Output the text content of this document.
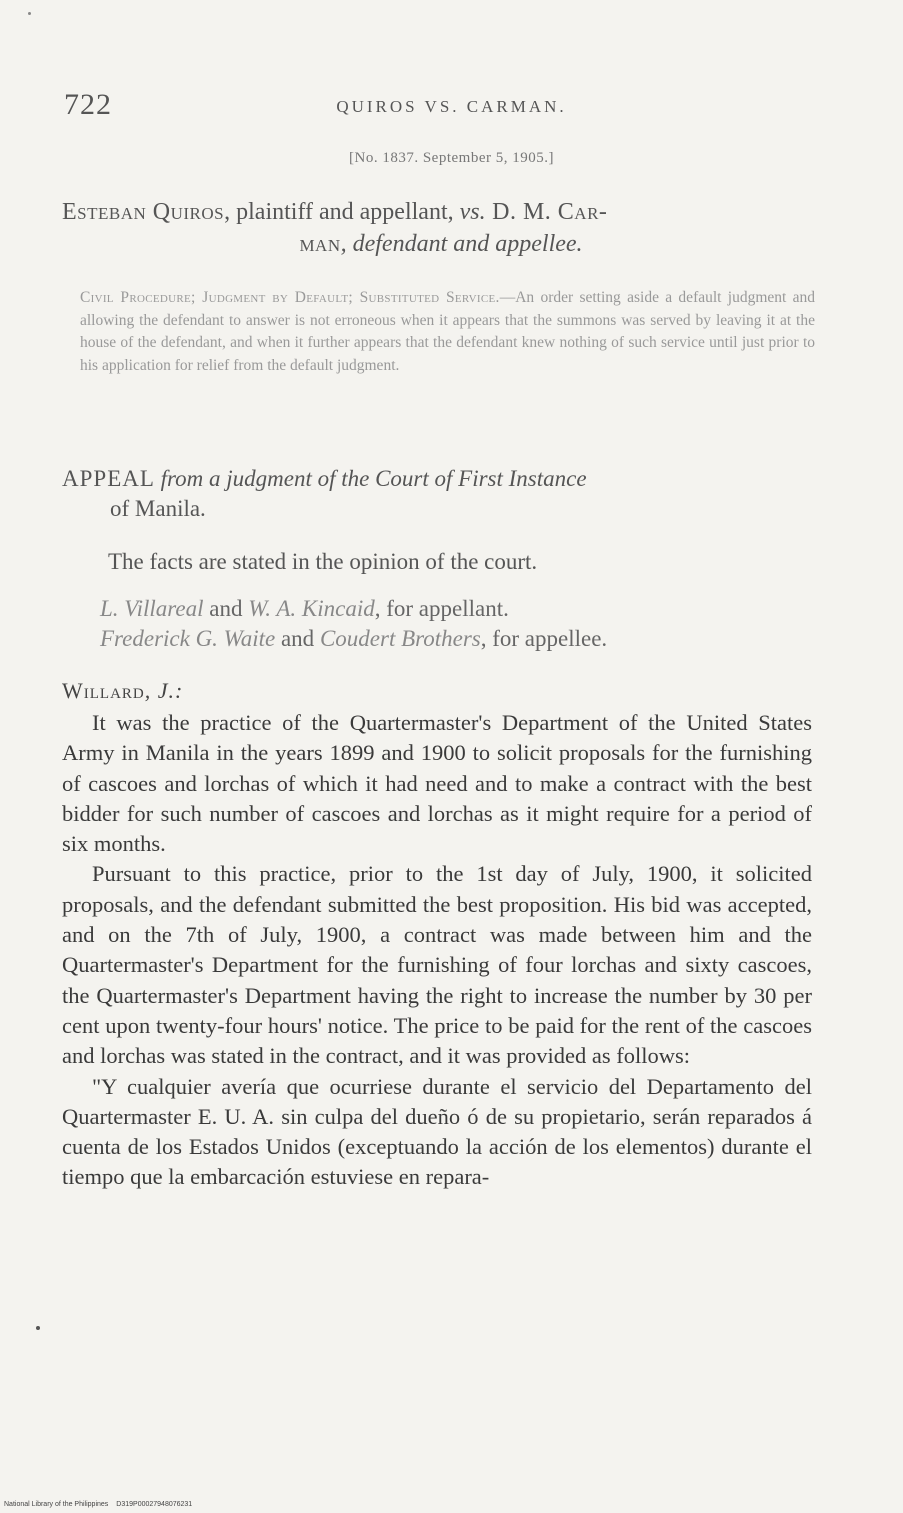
722	QUIROS VS. CARMAN.
[No. 1837. September 5, 1905.]
Esteban Quiros, plaintiff and appellant, vs. D. M. Car-
man, defendant and appellee.
Civil Procedure; Judgment by Default; Substituted Service.—An order setting aside a default judgment and allowing the defendant to answer is not erroneous when it appears that the summons was served by leaving it at the house of the defendant, and when it further appears that the defendant knew nothing of such service until just prior to his application for relief from the default judgment.
APPEAL from a judgment of the Court of First Instance
of Manila.
The facts are stated in the opinion of the court.
L. Villareal and W. A. Kincaid, for appellant.
Frederick G. Waite and Coudert Brothers, for appellee.
Willard, J.:

It was the practice of the Quartermaster's Department of the United States Army in Manila in the years 1899 and 1900 to solicit proposals for the furnishing of cascoes and lorchas of which it had need and to make a contract with the best bidder for such number of cascoes and lorchas as it might require for a period of six months.

Pursuant to this practice, prior to the 1st day of July, 1900, it solicited proposals, and the defendant submitted the best proposition. His bid was accepted, and on the 7th of July, 1900, a contract was made between him and the Quartermaster's Department for the furnishing of four lorchas and sixty cascoes, the Quartermaster's Department having the right to increase the number by 30 per cent upon twenty-four hours' notice. The price to be paid for the rent of the cascoes and lorchas was stated in the contract, and it was provided as follows:

"Y cualquier avería que ocurriese durante el servicio del Departamento del Quartermaster E. U. A. sin culpa del dueño ó de su propietario, serán reparados á cuenta de los Estados Unidos (exceptuando la acción de los elementos) durante el tiempo que la embarcación estuviese en repara-

National Library of the Philippines D319P00027948076231
